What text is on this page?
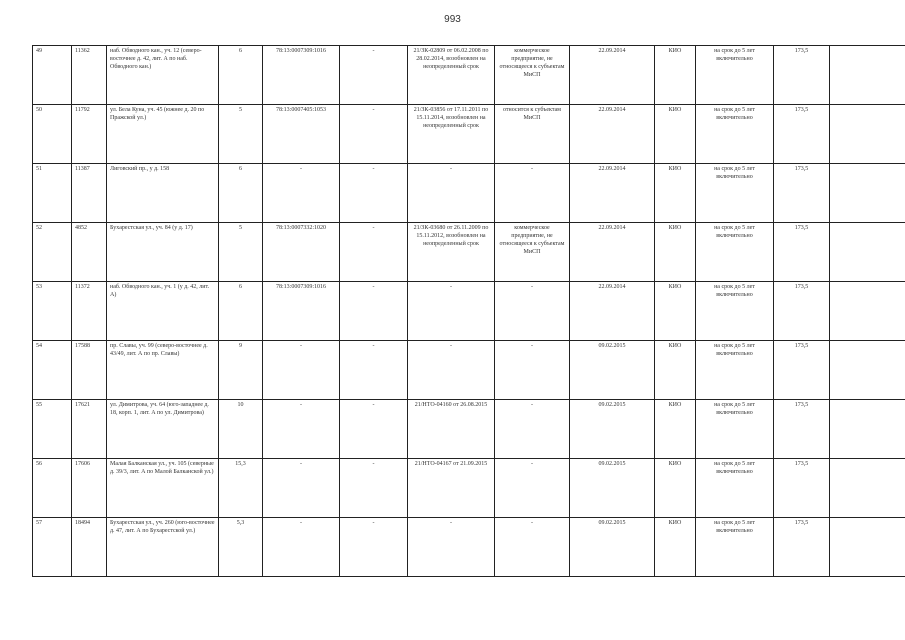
993
49	11362	наб. Обводного кан., уч. 12 (северо-восточнее д. 42, лит. А по наб. Обводного кан.)	6	78:13:0007309:1016	-	21/ЗК-02809 от 06.02.2008 по 28.02.2014, возобновлен на неопределенный срок	коммерческое предприятие, не относящееся к субъектам МиСП	22.09.2014	КИО	на срок до 5 лет включительно	173,5	
50	11792	ул. Бела Куна, уч. 45 (южнее д. 20 по Пражской ул.)	5	78:13:0007405:1053	-	21/ЗК-03856 от 17.11.2011 по 15.11.2014, возобновлен на неопределенный срок	относится к субъектам МиСП	22.09.2014	КИО	на срок до 5 лет включительно	173,5	
51	11387	Лиговский пр., у д. 158	6	-	-	-	-	22.09.2014	КИО	на срок до 5 лет включительно	173,5	
52	4852	Бухарестская ул., уч. 84 (у д. 17)	5	78:13:0007332:1020	-	21/ЗК-03680 от 26.11.2009 по 15.11.2012, возобновлен на неопределенный срок	коммерческое предприятие, не относящееся к субъектам МиСП	22.09.2014	КИО	на срок до 5 лет включительно	173,5	
53	11372	наб. Обводного кан., уч. 1 (у д. 42, лит. А)	6	78:13:0007309:1016	-	-	-	22.09.2014	КИО	на срок до 5 лет включительно	173,5	
54	17588	пр. Славы, уч. 99 (северо-восточнее д. 43/49, лит. А по пр. Славы)	9	-	-	-	-	09.02.2015	КИО	на срок до 5 лет включительно	173,5	
55	17621	ул. Димитрова, уч. 64 (юго-западнее д. 18, корп. 1, лит. А по ул. Димитрова)	10	-	-	21/НТО-04160 от 26.08.2015	-	09.02.2015	КИО	на срок до 5 лет включительно	173,5	
56	17606	Малая Балканская ул., уч. 105 (северные д. 39/3, лит. А по Малой Балканской ул.)	15,3	-	-	21/НТО-04167 от 21.09.2015	-	09.02.2015	КИО	на срок до 5 лет включительно	173,5	
57	18494	Бухарестская ул., уч. 260 (юго-восточнее д. 47, лит. А по Бухарестской ул.)	5,3	-	-	-	-	09.02.2015	КИО	на срок до 5 лет включительно	173,5	
